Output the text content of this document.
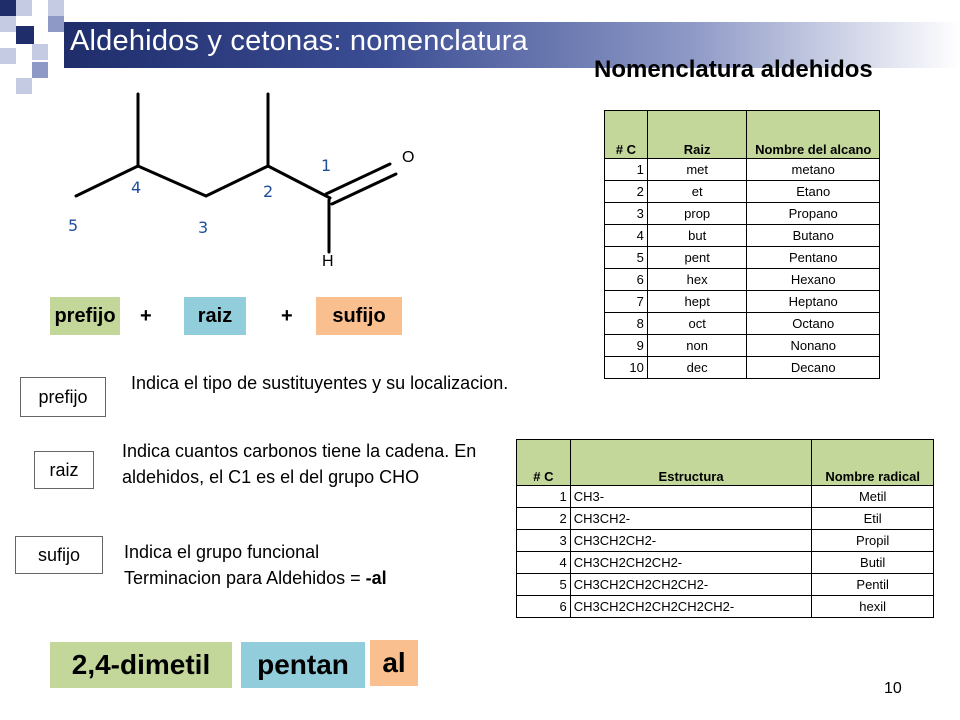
Aldehidos y cetonas: nomenclatura
Nomenclatura aldehidos
5
4
3
2
1	O
H
prefijo +	raiz	+	sufijo
prefijo
Indica el tipo de sustituyentes y su localizacion.
raiz
Indica cuantos carbonos tiene la cadena. En aldehidos, el C1 es el del grupo CHO
sufijo	Indica el grupo funcional
Terminacion para Aldehidos = -al
# C	Raiz	Nombre del alcano
1	met	metano
2	et	Etano
3	prop	Propano
4	but	Butano
5	pent	Pentano
6	hex	Hexano
7	hept	Heptano
8	oct	Octano
9	non	Nonano
10	dec	Decano
# C	Estructura	Nombre radical
1	CH3-	Metil
2	CH3CH2-	Etil
3	CH3CH2CH2-	Propil
4	CH3CH2CH2CH2-	Butil
5	CH3CH2CH2CH2CH2-	Pentil
6	CH3CH2CH2CH2CH2CH2-	hexil
2,4-dimetil	pentan	al
10
